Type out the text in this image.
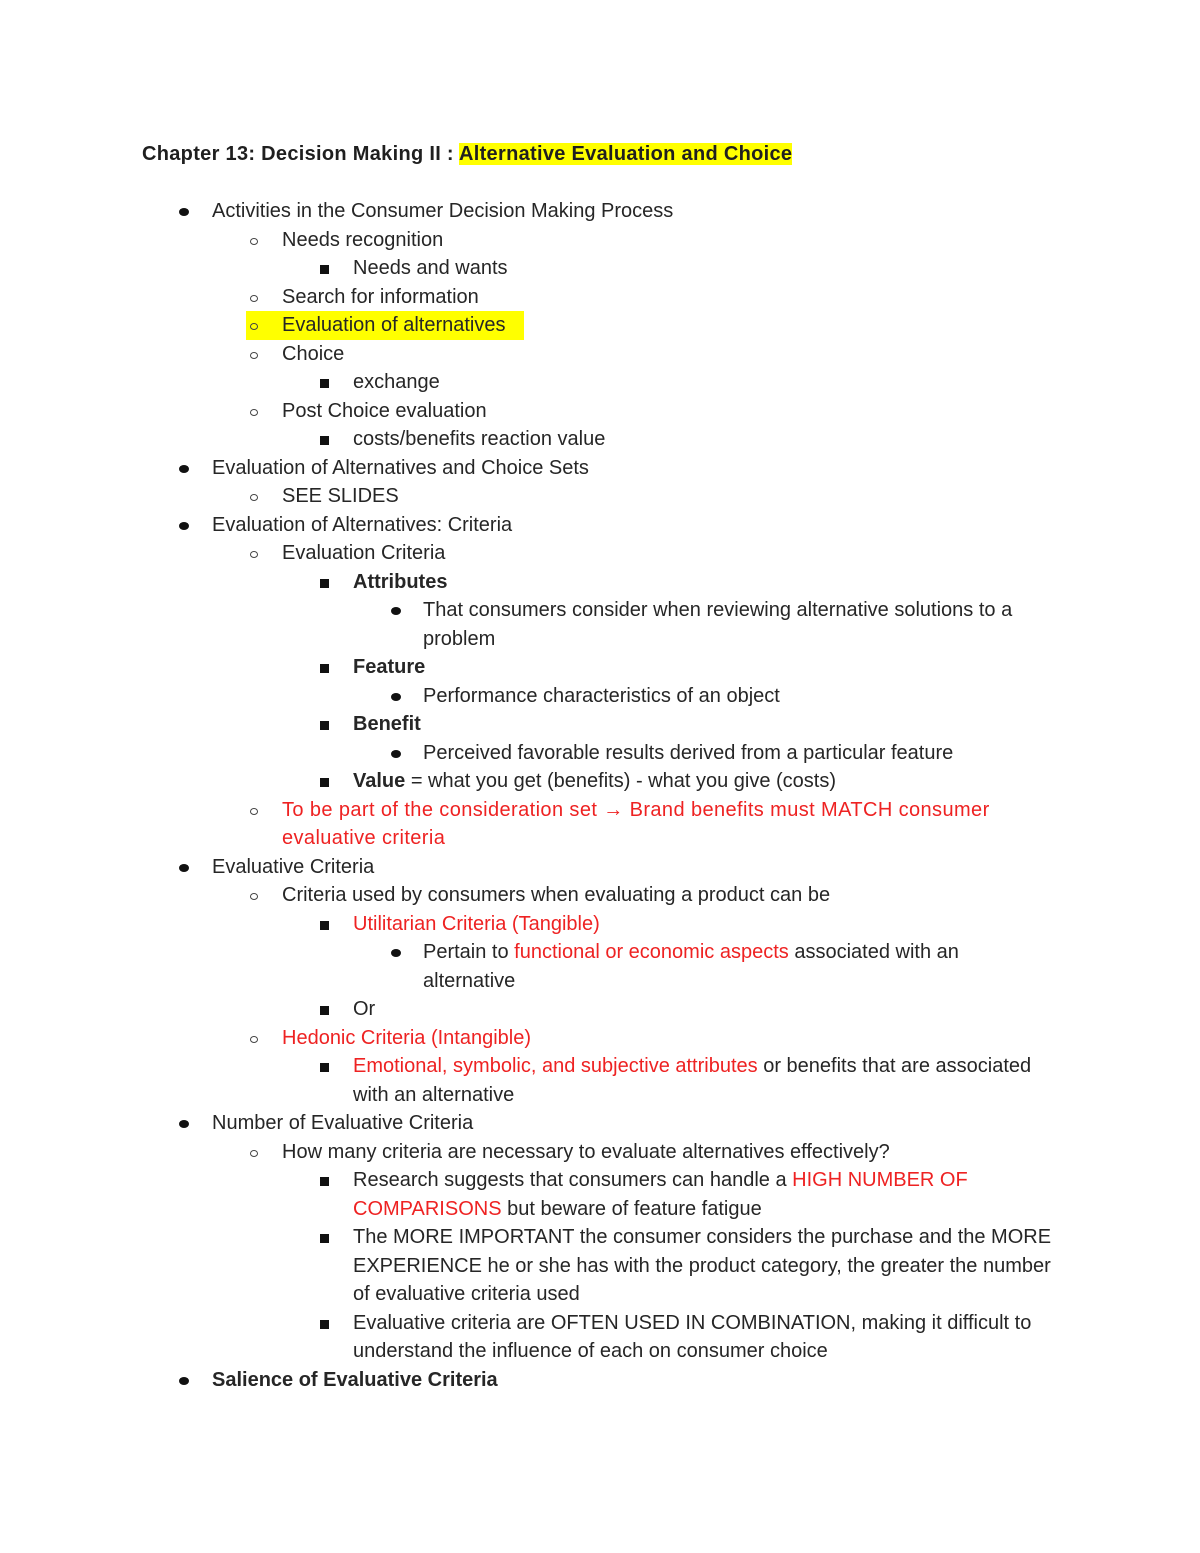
Chapter 13: Decision Making II : Alternative Evaluation and Choice
Activities in the Consumer Decision Making Process
Needs recognition
Needs and wants
Search for information
Evaluation of alternatives
Choice
exchange
Post Choice evaluation
costs/benefits reaction value
Evaluation of Alternatives and Choice Sets
SEE SLIDES
Evaluation of Alternatives: Criteria
Evaluation Criteria
Attributes
That consumers consider when reviewing alternative solutions to a problem
Feature
Performance characteristics of an object
Benefit
Perceived favorable results derived from a particular feature
Value = what you get (benefits) - what you give (costs)
To be part of the consideration set → Brand benefits must MATCH consumer evaluative criteria
Evaluative Criteria
Criteria used by consumers when evaluating a product can be
Utilitarian Criteria (Tangible)
Pertain to functional or economic aspects associated with an alternative
Or
Hedonic Criteria (Intangible)
Emotional, symbolic, and subjective attributes or benefits that are associated with an alternative
Number of Evaluative Criteria
How many criteria are necessary to evaluate alternatives effectively?
Research suggests that consumers can handle a HIGH NUMBER OF COMPARISONS but beware of feature fatigue
The MORE IMPORTANT the consumer considers the purchase and the MORE EXPERIENCE he or she has with the product category, the greater the number of evaluative criteria used
Evaluative criteria are OFTEN USED IN COMBINATION, making it difficult to understand the influence of each on consumer choice
Salience of Evaluative Criteria
